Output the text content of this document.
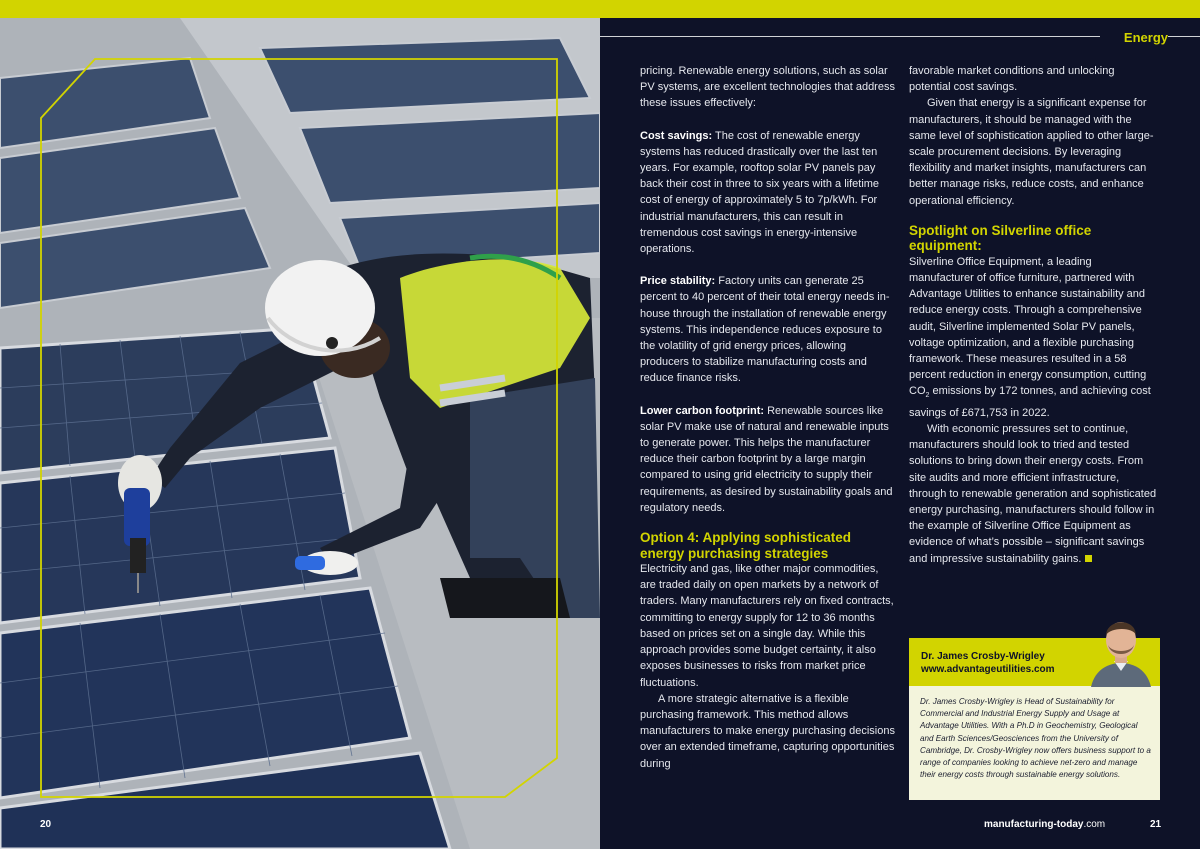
20
Energy

pricing. Renewable energy solutions, such as solar PV systems, are excellent technologies that address these issues effectively:

Cost savings: The cost of renewable energy systems has reduced drastically over the last ten years. For example, rooftop solar PV panels pay back their cost in three to six years with a lifetime cost of energy of approximately 5 to 7p/kWh. For industrial manufacturers, this can result in tremendous cost savings in energy-intensive operations.

Price stability: Factory units can generate 25 percent to 40 percent of their total energy needs in-house through the installation of renewable energy systems. This independence reduces exposure to the volatility of grid energy prices, allowing producers to stabilize manufacturing costs and reduce finance risks.

Lower carbon footprint: Renewable sources like solar PV make use of natural and renewable inputs to generate power. This helps the manufacturer reduce their carbon footprint by a large margin compared to using grid electricity to supply their requirements, as desired by sustainability goals and regulatory needs.

Option 4: Applying sophisticated energy purchasing strategies

Electricity and gas, like other major commodities, are traded daily on open markets by a network of traders. Many manufacturers rely on fixed contracts, committing to energy supply for 12 to 36 months based on prices set on a single day. While this approach provides some budget certainty, it also exposes businesses to risks from market price fluctuations.

A more strategic alternative is a flexible purchasing framework. This method allows manufacturers to make energy purchasing decisions over an extended timeframe, capturing opportunities during

favorable market conditions and unlocking potential cost savings.

Given that energy is a significant expense for manufacturers, it should be managed with the same level of sophistication applied to other large-scale procurement decisions. By leveraging flexibility and market insights, manufacturers can better manage risks, reduce costs, and enhance operational efficiency.

Spotlight on Silverline office equipment:

Silverline Office Equipment, a leading manufacturer of office furniture, partnered with Advantage Utilities to enhance sustainability and reduce energy costs. Through a comprehensive audit, Silverline implemented Solar PV panels, voltage optimization, and a flexible purchasing framework. These measures resulted in a 58 percent reduction in energy consumption, cutting $CO_2$ emissions by 172 tonnes, and achieving cost savings of £671,753 in 2022.

With economic pressures set to continue, manufacturers should look to tried and tested solutions to bring down their energy costs. From site audits and more efficient infrastructure, through to renewable generation and sophisticated energy purchasing, manufacturers should follow in the example of Silverline Office Equipment as evidence of what’s possible – significant savings and impressive sustainability gains.

Dr. James Crosby-Wrigley
www.advantageutilities.com
Dr. James Crosby-Wrigley is Head of Sustainability for Commercial and Industrial Energy Supply and Usage at Advantage Utilities. With a Ph.D in Geochemistry, Geological and Earth Sciences/Geosciences from the University of Cambridge, Dr. Crosby-Wrigley now offers business support to a range of companies looking to achieve net-zero and manage their energy costs through sustainable energy solutions.
manufacturing-today.com	21
